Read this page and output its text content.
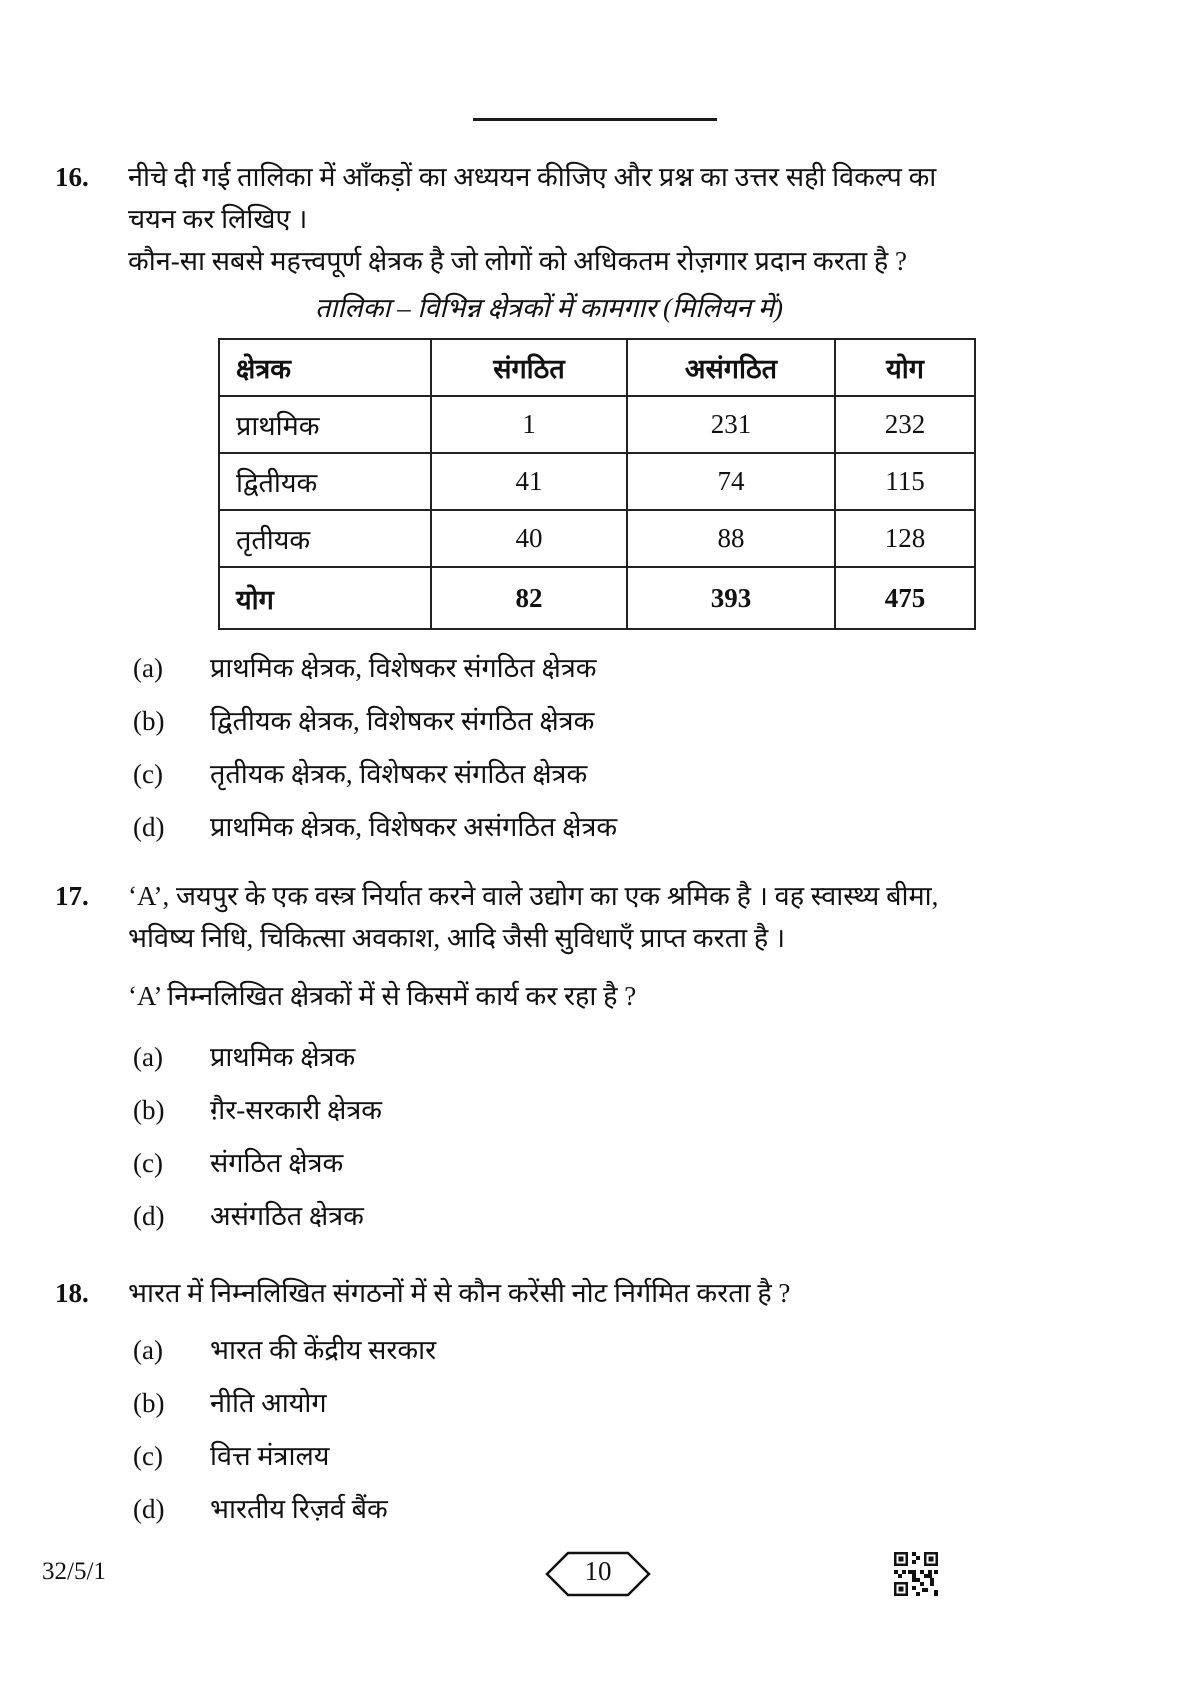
16. नीचे दी गई तालिका में आँकड़ों का अध्ययन कीजिए और प्रश्न का उत्तर सही विकल्प का
चयन कर लिखिए ।
कौन-सा सबसे महत्त्वपूर्ण क्षेत्रक है जो लोगों को अधिकतम रोज़गार प्रदान करता है ?
तालिका – विभिन्न क्षेत्रकों में कामगार (मिलियन में)
क्षेत्रक	संगठित	असंगठित	योग
प्राथमिक	1	231	232
द्वितीयक	41	74	115
तृतीयक	40	88	128
योग	82	393	475
(a)	प्राथमिक क्षेत्रक, विशेषकर संगठित क्षेत्रक
(b)	द्वितीयक क्षेत्रक, विशेषकर संगठित क्षेत्रक
(c)	तृतीयक क्षेत्रक, विशेषकर संगठित क्षेत्रक
(d)	प्राथमिक क्षेत्रक, विशेषकर असंगठित क्षेत्रक
17. ‘A’, जयपुर के एक वस्त्र निर्यात करने वाले उद्योग का एक श्रमिक है । वह स्वास्थ्य बीमा,
भविष्य निधि, चिकित्सा अवकाश, आदि जैसी सुविधाएँ प्राप्त करता है ।
‘A’ निम्नलिखित क्षेत्रकों में से किसमें कार्य कर रहा है ?
(a)	प्राथमिक क्षेत्रक
(b)	ग़ैर-सरकारी क्षेत्रक
(c)	संगठित क्षेत्रक
(d)	असंगठित क्षेत्रक
18. भारत में निम्नलिखित संगठनों में से कौन करेंसी नोट निर्गमित करता है ?
(a)	भारत की केंद्रीय सरकार
(b)	नीति आयोग
(c)	वित्त मंत्रालय
(d)	भारतीय रिज़र्व बैंक
32/5/1	10
